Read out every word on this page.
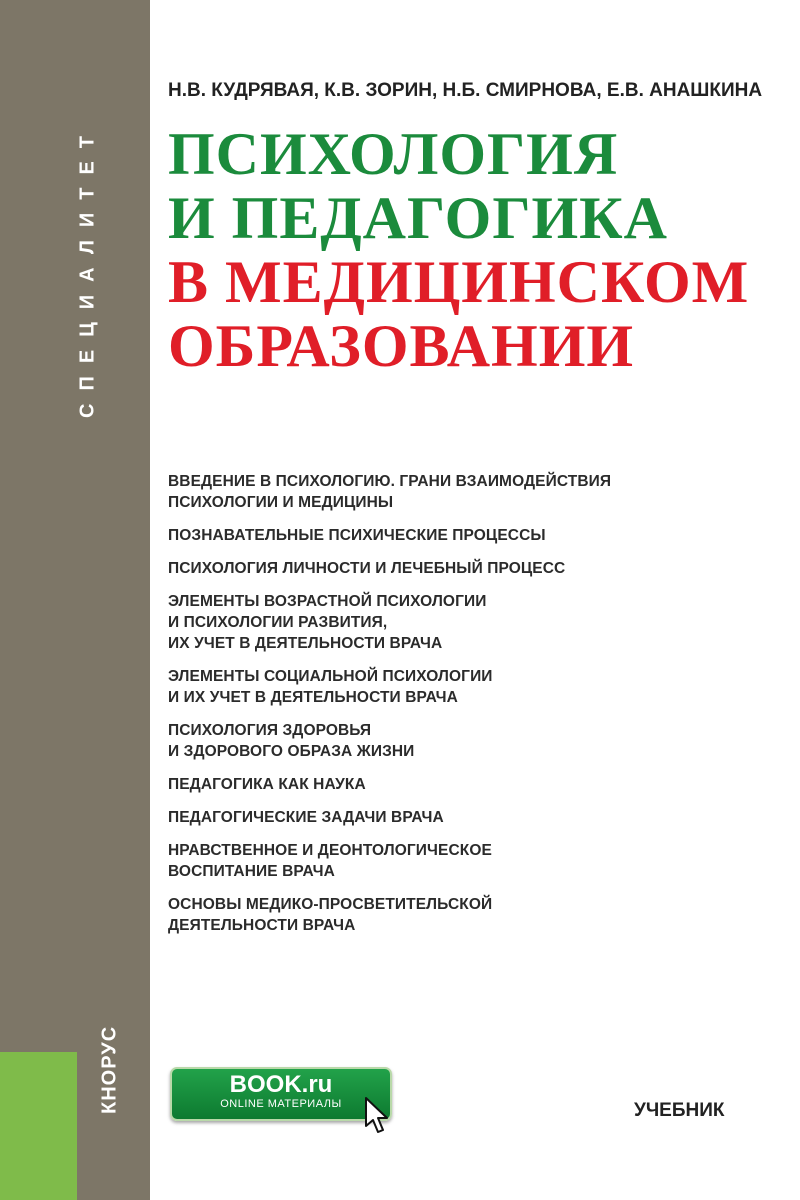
СПЕЦИАЛИТЕТ
КНОРУС
Н.В. КУДРЯВАЯ, К.В. ЗОРИН, Н.Б. СМИРНОВА, Е.В. АНАШКИНА
ПСИХОЛОГИЯ
И ПЕДАГОГИКА
В МЕДИЦИНСКОМ
ОБРАЗОВАНИИ
ВВЕДЕНИЕ В ПСИХОЛОГИЮ. ГРАНИ ВЗАИМОДЕЙСТВИЯ
ПСИХОЛОГИИ И МЕДИЦИНЫ
ПОЗНАВАТЕЛЬНЫЕ ПСИХИЧЕСКИЕ ПРОЦЕССЫ
ПСИХОЛОГИЯ ЛИЧНОСТИ И ЛЕЧЕБНЫЙ ПРОЦЕСС
ЭЛЕМЕНТЫ ВОЗРАСТНОЙ ПСИХОЛОГИИ
И ПСИХОЛОГИИ РАЗВИТИЯ,
ИХ УЧЕТ В ДЕЯТЕЛЬНОСТИ ВРАЧА
ЭЛЕМЕНТЫ СОЦИАЛЬНОЙ ПСИХОЛОГИИ
И ИХ УЧЕТ В ДЕЯТЕЛЬНОСТИ ВРАЧА
ПСИХОЛОГИЯ ЗДОРОВЬЯ
И ЗДОРОВОГО ОБРАЗА ЖИЗНИ
ПЕДАГОГИКА КАК НАУКА
ПЕДАГОГИЧЕСКИЕ ЗАДАЧИ ВРАЧА
НРАВСТВЕННОЕ И ДЕОНТОЛОГИЧЕСКОЕ
ВОСПИТАНИЕ ВРАЧА
ОСНОВЫ МЕДИКО-ПРОСВЕТИТЕЛЬСКОЙ
ДЕЯТЕЛЬНОСТИ ВРАЧА
BOOK.ru
ONLINE МАТЕРИАЛЫ	УЧЕБНИК
